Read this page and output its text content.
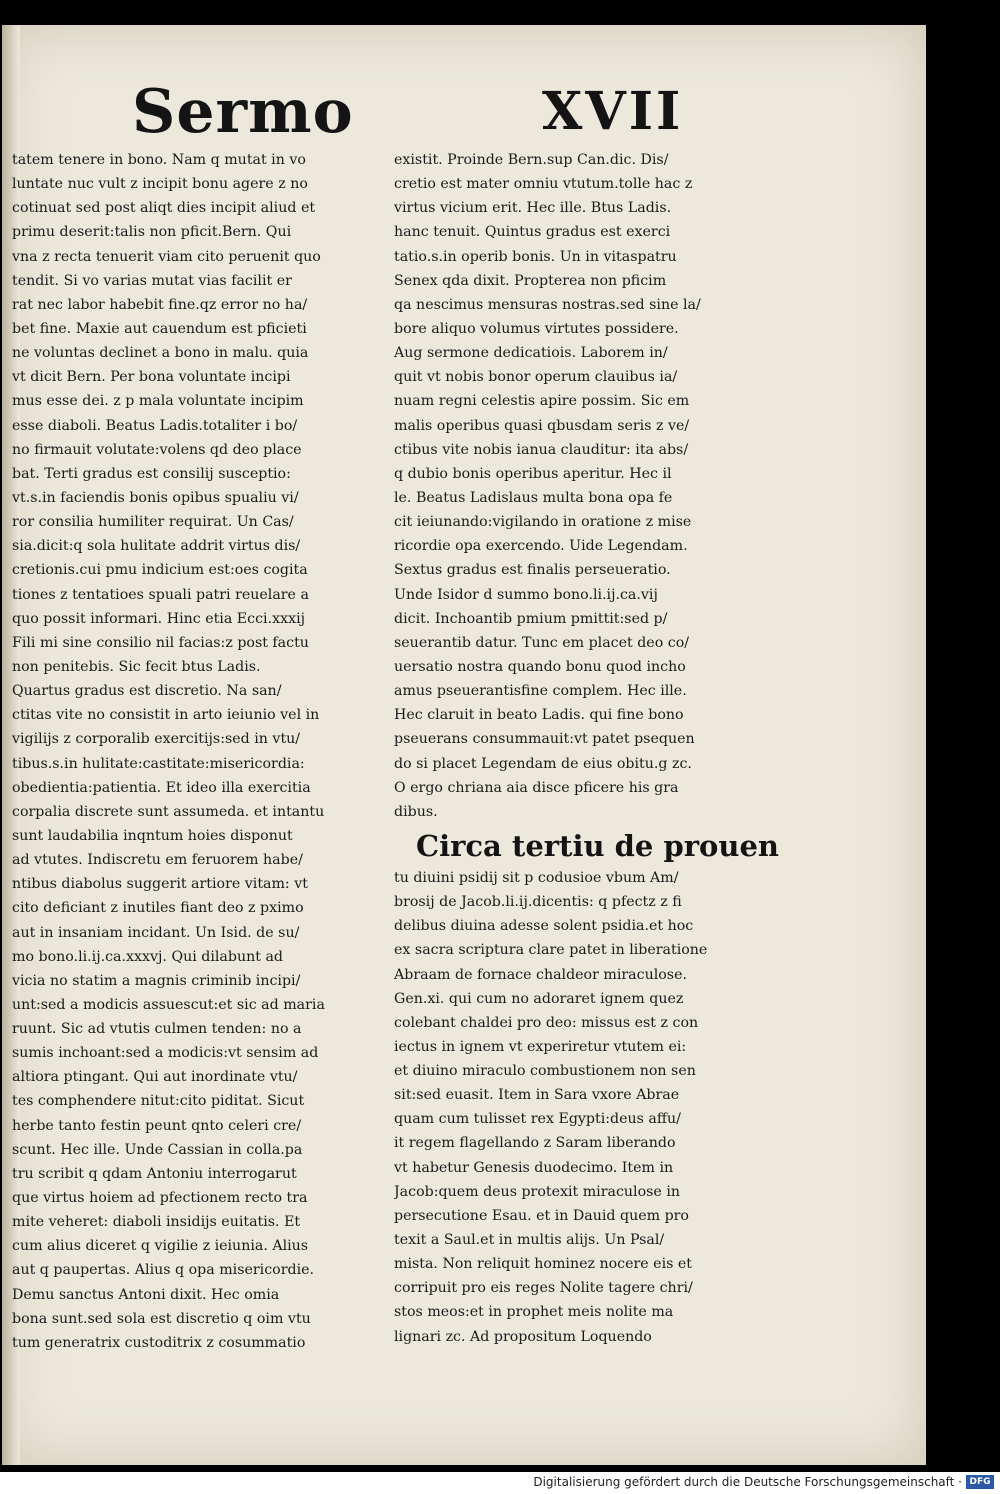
Sermo	XVII
tatem tenere in bono. Nam q mutat in vo
luntate nuc vult z incipit bonu agere z no
cotinuat sed post aliqt dies incipit aliud et
primu deserit:talis non pficit.Bern. Qui
vna z recta tenuerit viam cito peruenit quo
tendit. Si vo varias mutat vias facilit er
rat nec labor habebit fine.qz error no ha/
bet fine. Maxie aut cauendum est pficieti
ne voluntas declinet a bono in malu. quia
vt dicit Bern. Per bona voluntate incipi
mus esse dei. z p mala voluntate incipim
esse diaboli. Beatus Ladis.totaliter i bo/
no firmauit volutate:volens qd deo place
bat. Terti gradus est consilij susceptio:
vt.s.in faciendis bonis opibus spualiu vi/
ror consilia humiliter requirat. Un Cas/
sia.dicit:q sola hulitate addrit virtus dis/
cretionis.cui pmu indicium est:oes cogita
tiones z tentatioes spuali patri reuelare a
quo possit informari. Hinc etia Ecci.xxxij
Fili mi sine consilio nil facias:z post factu
non penitebis. Sic fecit btus Ladis.
Quartus gradus est discretio. Na san/
ctitas vite no consistit in arto ieiunio vel in
vigilijs z corporalib exercitijs:sed in vtu/
tibus.s.in hulitate:castitate:misericordia:
obedientia:patientia. Et ideo illa exercitia
corpalia discrete sunt assumeda. et intantu
sunt laudabilia inqntum hoies disponut
ad vtutes. Indiscretu em feruorem habe/
ntibus diabolus suggerit artiore vitam: vt
cito deficiant z inutiles fiant deo z pximo
aut in insaniam incidant. Un Isid. de su/
mo bono.li.ij.ca.xxxvj. Qui dilabunt ad
vicia no statim a magnis criminib incipi/
unt:sed a modicis assuescut:et sic ad maria
ruunt. Sic ad vtutis culmen tenden: no a
sumis inchoant:sed a modicis:vt sensim ad
altiora ptingant. Qui aut inordinate vtu/
tes comphendere nitut:cito piditat. Sicut
herbe tanto festin peunt qnto celeri cre/
scunt. Hec ille. Unde Cassian in colla.pa
tru scribit q qdam Antoniu interrogarut
que virtus hoiem ad pfectionem recto tra
mite veheret: diaboli insidijs euitatis. Et
cum alius diceret q vigilie z ieiunia. Alius
aut q paupertas. Alius q opa misericordie.
Demu sanctus Antoni dixit. Hec omia
bona sunt.sed sola est discretio q oim vtu
tum generatrix custoditrix z cosummatio
existit. Proinde Bern.sup Can.dic. Dis/
cretio est mater omniu vtutum.tolle hac z
virtus vicium erit. Hec ille. Btus Ladis.
hanc tenuit. Quintus gradus est exerci
tatio.s.in operib bonis. Un in vitaspatru
Senex qda dixit. Propterea non pficim
qa nescimus mensuras nostras.sed sine la/
bore aliquo volumus virtutes possidere.
Aug sermone dedicatiois. Laborem in/
quit vt nobis bonor operum clauibus ia/
nuam regni celestis apire possim. Sic em
malis operibus quasi qbusdam seris z ve/
ctibus vite nobis ianua clauditur: ita abs/
q dubio bonis operibus aperitur. Hec il
le. Beatus Ladislaus multa bona opa fe
cit ieiunando:vigilando in oratione z mise
ricordie opa exercendo. Uide Legendam.
Sextus gradus est finalis perseueratio.
Unde Isidor d summo bono.li.ij.ca.vij
dicit. Inchoantib pmium pmittit:sed p/
seuerantib datur. Tunc em placet deo co/
uersatio nostra quando bonu quod incho
amus pseuerantisfine complem. Hec ille.
Hec claruit in beato Ladis. qui fine bono
pseuerans consummauit:vt patet psequen
do si placet Legendam de eius obitu.g zc.
O ergo chriana aia disce pficere his gra
dibus.
Circa tertiu de prouen
tu diuini psidij sit p codusioe vbum Am/
brosij de Jacob.li.ij.dicentis: q pfectz z fi
delibus diuina adesse solent psidia.et hoc
ex sacra scriptura clare patet in liberatione
Abraam de fornace chaldeor miraculose.
Gen.xi. qui cum no adoraret ignem quez
colebant chaldei pro deo: missus est z con
iectus in ignem vt experiretur vtutem ei:
et diuino miraculo combustionem non sen
sit:sed euasit. Item in Sara vxore Abrae
quam cum tulisset rex Egypti:deus affu/
it regem flagellando z Saram liberando
vt habetur Genesis duodecimo. Item in
Jacob:quem deus protexit miraculose in
persecutione Esau. et in Dauid quem pro
texit a Saul.et in multis alijs. Un Psal/
mista. Non reliquit hominez nocere eis et
corripuit pro eis reges Nolite tagere chri/
stos meos:et in prophet meis nolite ma
lignari zc. Ad propositum Loquendo
Digitalisierung gefördert durch die Deutsche Forschungsgemeinschaft · DFG
